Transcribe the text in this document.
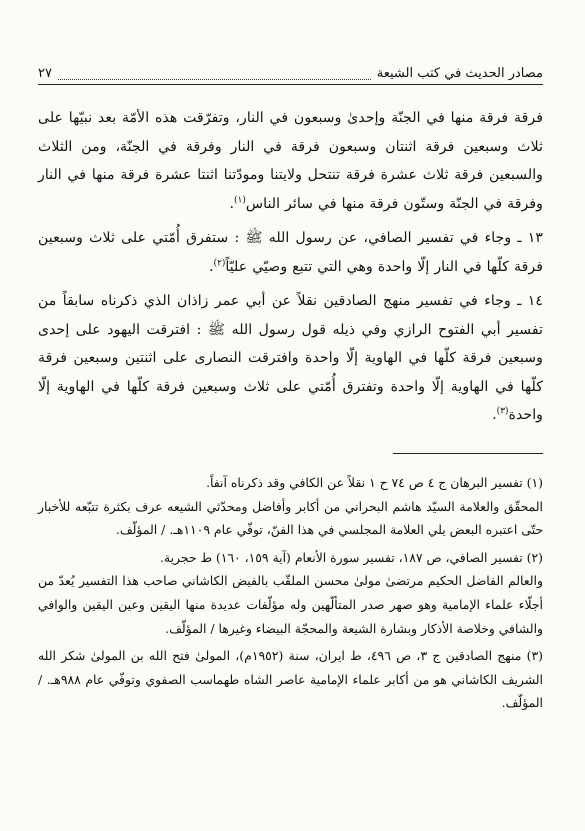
مصادر الحديث في كتب الشيعة
٢٧

فرقة فرقة منها في الجنّة وإحدىٰ وسبعون في النار، وتفرّقت هذه الأمّة بعد نبيّها على ثلاث وسبعين فرقة اثنتان وسبعون فرقة في النار وفرقة في الجنّة، ومن الثلاث والسبعين فرقة ثلاث عشرة فرقة تنتحل ولايتنا ومودّتنا اثنتا عشرة فرقة منها في النار وفرقة في الجنّة وستّون فرقة منها في سائر الناس$^{(١)}$.

١٣ ـ وجاء في تفسير الصافي، عن رسول الله ﷺ : ستفرق أُمّتي على ثلاث وسبعين فرقة كلّها في النار إلّا واحدة وهي التي تتبع وصيّي عليّاً$^{(٢)}$.

١٤ ـ وجاء في تفسير منهج الصادقين نقلاً عن أبي عمر زاذان الذي ذكرناه سابقاً من تفسير أبي الفتوح الرازي وفي ذيله قول رسول الله ﷺ : افترقت اليهود على إحدى وسبعين فرقة كلّها في الهاوية إلّا واحدة وافترقت النصارى على اثنتين وسبعين فرقة كلّها في الهاوية إلّا واحدة وتفترق أُمّتي على ثلاث وسبعين فرقة كلّها في الهاوية إلّا واحدة$^{(٣)}$.

(١) تفسير البرهان ج ٤ ص ٧٤ ح ١ نقلاً عن الكافي وقد ذكرناه آنفاً.
المحقّق والعلامة السيّد هاشم البحراني من أكابر وأفاضل ومحدّثي الشيعه عرف بكثرة تتبّعه للأخبار حتّى اعتبره البعض يلي العلامة المجلسي في هذا الفنّ، توفّي عام ١١٠٩هـ. / المؤلّف.
(٢) تفسير الصافي، ص ١٨٧، تفسير سورة الأنعام (آية ١٥٩، ١٦٠) ط حجرية.
والعالم الفاضل الحكيم مرتضىٰ مولىٰ محسن الملقّب بالفيض الكاشاني صاحب هذا التفسير يُعدّ من أجلّاء علماء الإمامية وهو صهر صدر المتألّهين وله مؤلّفات عديدة منها اليقين وعين اليقين والوافي والشافي وخلاصة الأذكار وبشارة الشيعة والمحجّة البيضاء وغيرها / المؤلّف.
(٣) منهج الصادقين ج ٣، ص ٤٩٦، ط ايران، سنة (١٩٥٢م)، المولىٰ فتح الله بن المولىٰ شكر الله الشريف الكاشاني هو من أكابر علماء الإمامية عاصر الشاه طهماسب الصفوي وتوفّي عام ٩٨٨هـ. / المؤلّف.
